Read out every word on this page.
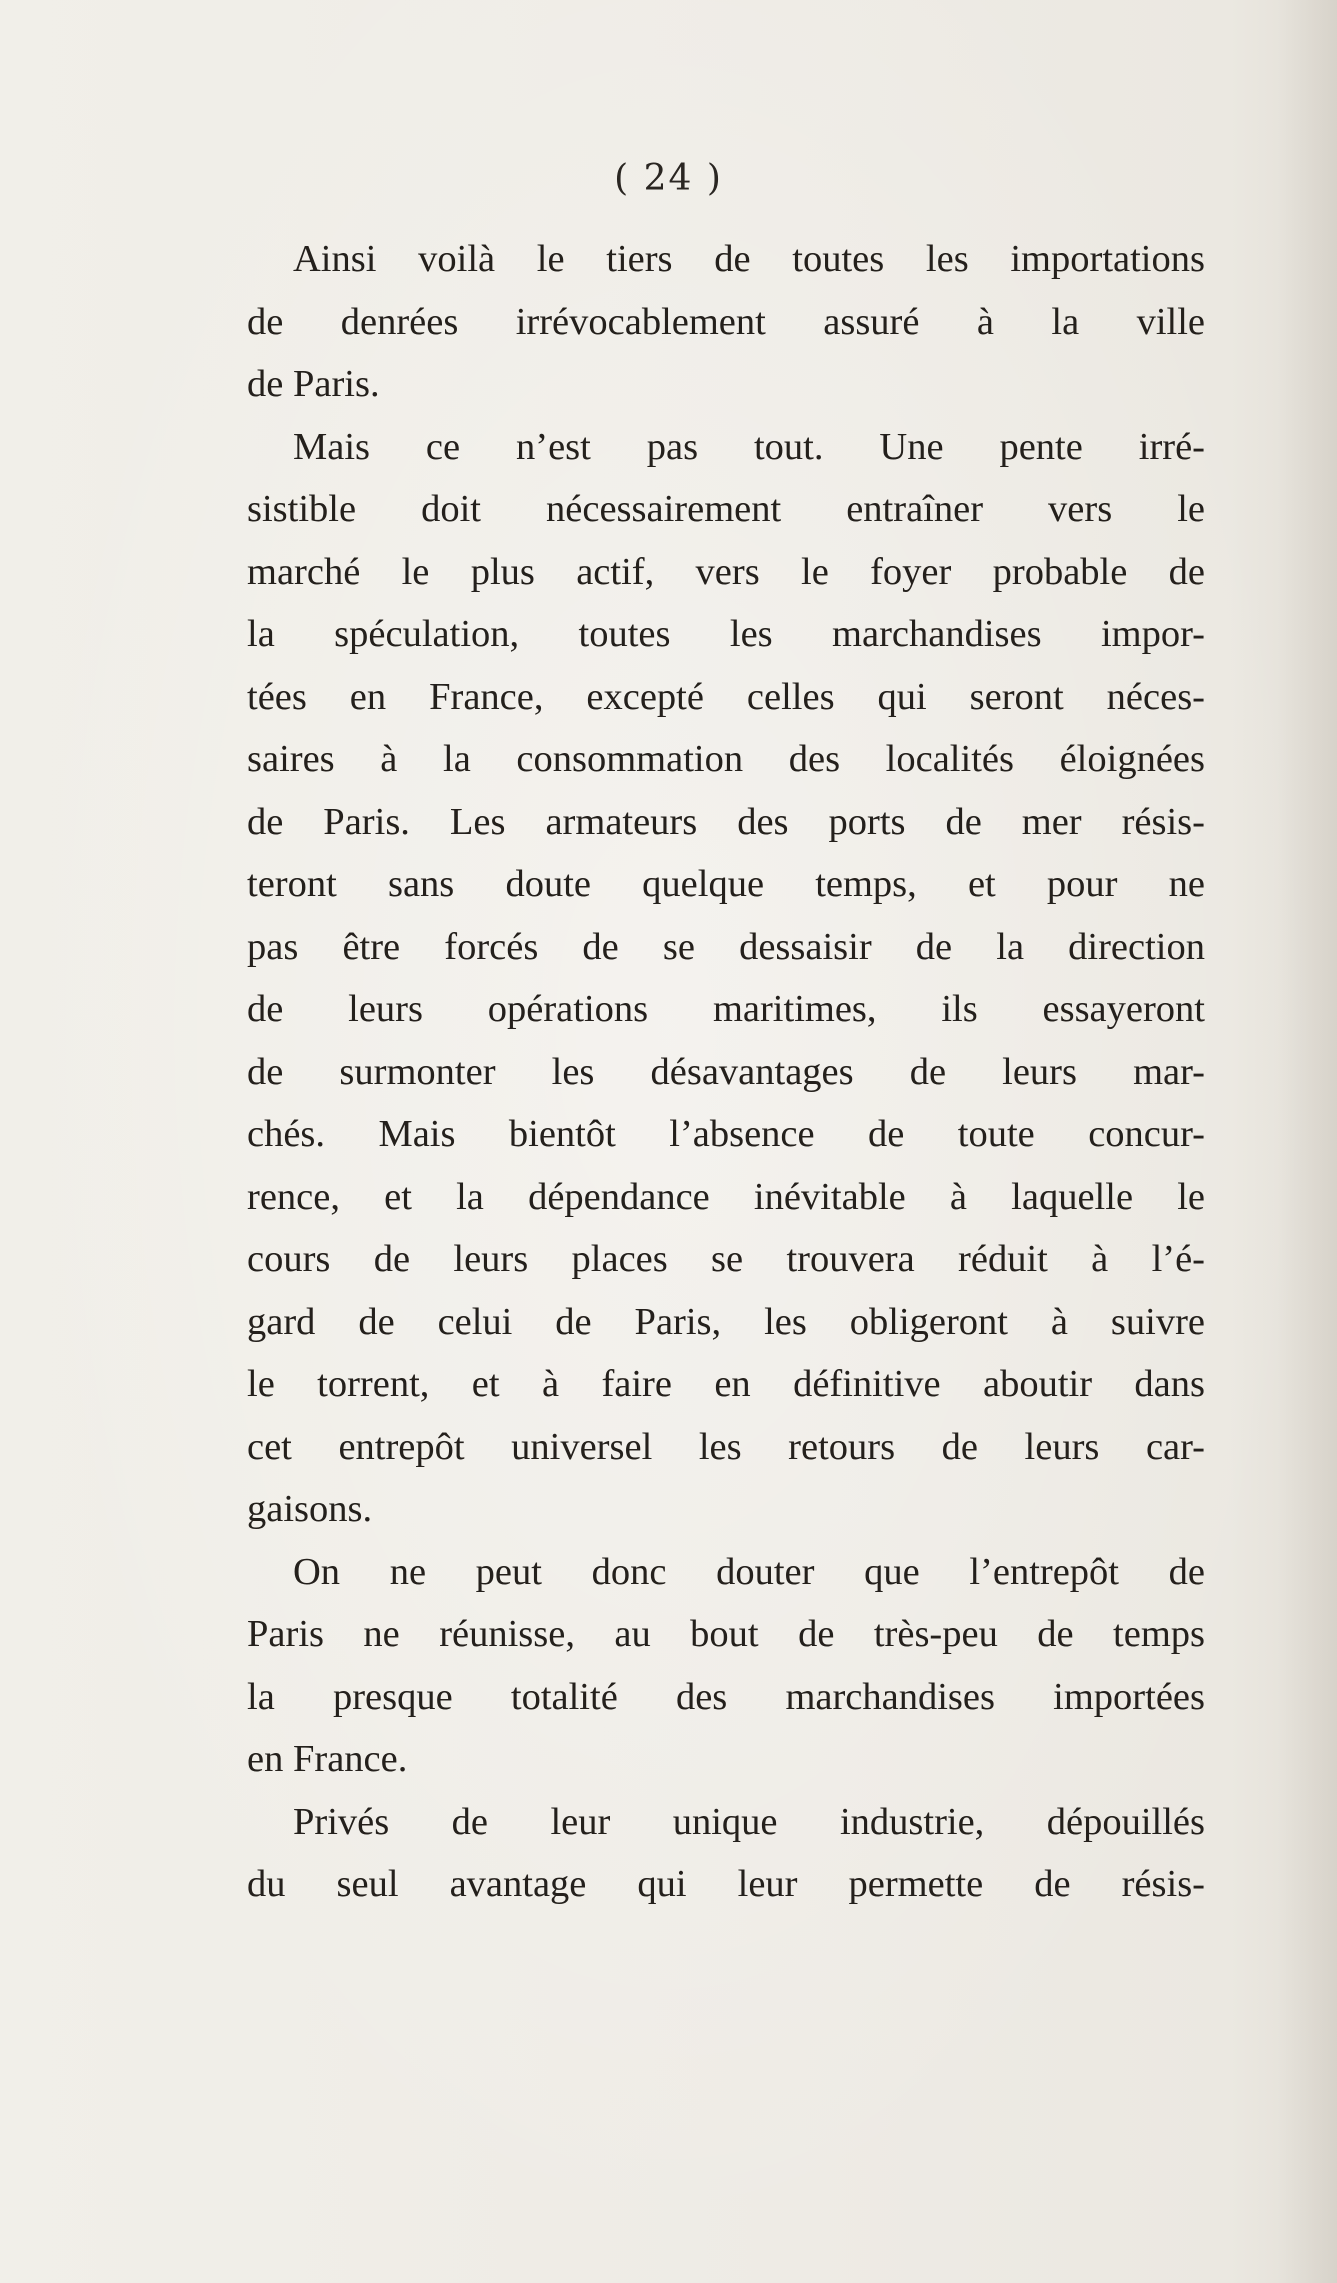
( 24 )
Ainsi voilà le tiers de toutes les importations
de denrées irrévocablement assuré à la ville
de Paris.
Mais ce n’est pas tout. Une pente irré-
sistible doit nécessairement entraîner vers le
marché le plus actif, vers le foyer probable de
la spéculation, toutes les marchandises impor-
tées en France, excepté celles qui seront néces-
saires à la consommation des localités éloignées
de Paris. Les armateurs des ports de mer résis-
teront sans doute quelque temps, et pour ne
pas être forcés de se dessaisir de la direction
de leurs opérations maritimes, ils essayeront
de surmonter les désavantages de leurs mar-
chés. Mais bientôt l’absence de toute concur-
rence, et la dépendance inévitable à laquelle le
cours de leurs places se trouvera réduit à l’é-
gard de celui de Paris, les obligeront à suivre
le torrent, et à faire en définitive aboutir dans
cet entrepôt universel les retours de leurs car-
gaisons.
On ne peut donc douter que l’entrepôt de
Paris ne réunisse, au bout de très-peu de temps
la presque totalité des marchandises importées
en France.
Privés de leur unique industrie, dépouillés
du seul avantage qui leur permette de résis-
